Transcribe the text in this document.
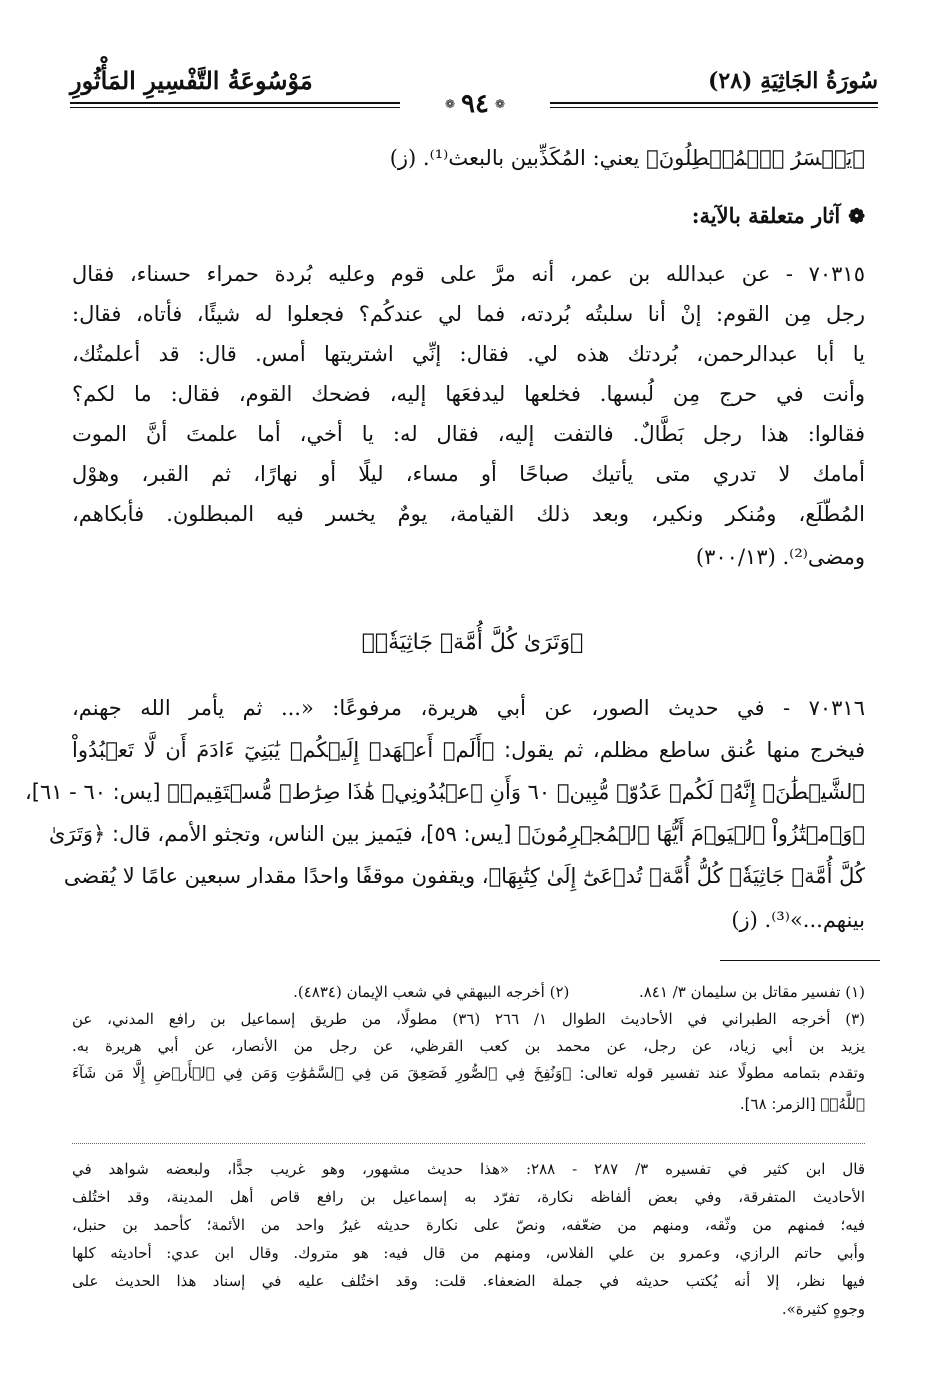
سُورَةُ الجَاثِيَةِ (٢٨)
مَوْسُوعَةُ التَّفْسِيرِ المَأْثُورِ
❁
٩٤
❁
﴿يَخۡسَرُ ٱلۡمُبۡطِلُونَ﴾ يعني: المُكَذِّبين بالبعث⁽¹⁾. (ز)
❁
آثار متعلقة بالآية:
٧٠٣١٥ - عن عبدالله بن عمر، أنه مرَّ على قوم وعليه بُردة حمراء حسناء، فقال
رجل مِن القوم: إنْ أنا سلبتُه بُردته، فما لي عندكُم؟ فجعلوا له شيئًا، فأتاه، فقال:
يا أبا عبدالرحمن، بُردتك هذه لي. فقال: إنِّي اشتريتها أمس. قال: قد أعلمتُك،
وأنت في حرج مِن لُبسها. فخلعها ليدفعَها إليه، فضحك القوم، فقال: ما لكم؟
فقالوا: هذا رجل بَطَّالٌ. فالتفت إليه، فقال له: يا أخي، أما علمتَ أنَّ الموت
أمامك لا تدري متى يأتيك صباحًا أو مساء، ليلًا أو نهارًا، ثم القبر، وهوْل
المُطّلَع، ومُنكر ونكير، وبعد ذلك القيامة، يومٌ يخسر فيه المبطلون. فأبكاهم،
ومضى⁽²⁾. (٣٠٠/١٣)
﴿وَتَرَىٰ كُلَّ أُمَّةٖ جَاثِيَةٗۚ﴾
٧٠٣١٦ - في حديث الصور، عن أبي هريرة، مرفوعًا: «... ثم يأمر الله جهنم،
فيخرج منها عُنق ساطع مظلم، ثم يقول: ﴿أَلَمۡ أَعۡهَدۡ إِلَيۡكُمۡ يَٰبَنِيٓ ءَادَمَ أَن لَّا تَعۡبُدُواْ
ٱلشَّيۡطَٰنَۖ إِنَّهُۥ لَكُمۡ عَدُوّٞ مُّبِينٞ ٦٠ وَأَنِ ٱعۡبُدُونِيۚ هَٰذَا صِرَٰطٞ مُّسۡتَقِيمٞ﴾ [يس: ٦٠ - ٦١]،
﴿وَٱمۡتَٰزُواْ ٱلۡيَوۡمَ أَيُّهَا ٱلۡمُجۡرِمُونَ﴾ [يس: ٥٩]، فيَميز بين الناس، وتجثو الأمم، قال: ﴿وَتَرَىٰ
كُلَّ أُمَّةٖ جَاثِيَةٗۚ كُلُّ أُمَّةٖ تُدۡعَىٰٓ إِلَىٰ كِتَٰبِهَا﴾، ويقفون موقفًا واحدًا مقدار سبعين عامًا لا يُقضى
بينهم...»⁽³⁾. (ز)
(١) تفسير مقاتل بن سليمان ٣/ ٨٤١.  (٢) أخرجه البيهقي في شعب الإيمان (٤٨٣٤).
(٣) أخرجه الطبراني في الأحاديث الطوال ١/ ٢٦٦ (٣٦) مطولًا، من طريق إسماعيل بن رافع المدني، عن
يزيد بن أبي زياد، عن رجل، عن محمد بن كعب القرظي، عن رجل من الأنصار، عن أبي هريرة به.
وتقدم بتمامه مطولًا عند تفسير قوله تعالى: ﴿وَنُفِخَ فِي ٱلصُّورِ فَصَعِقَ مَن فِي ٱلسَّمَٰوَٰتِ وَمَن فِي ٱلۡأَرۡضِ إِلَّا مَن شَآءَ
ٱللَّهُۖ﴾ [الزمر: ٦٨].
قال ابن كثير في تفسيره ٣/ ٢٨٧ - ٢٨٨: «هذا حديث مشهور، وهو غريب جدًّا، ولبعضه شواهد في
الأحاديث المتفرقة، وفي بعض ألفاظه نكارة، تفرّد به إسماعيل بن رافع قاص أهل المدينة، وقد اختُلف
فيه؛ فمنهم من وثّقه، ومنهم من ضعّفه، ونصّ على نكارة حديثه غيرُ واحد من الأئمة؛ كأحمد بن حنبل،
وأبي حاتم الرازي، وعمرو بن علي الفلاس، ومنهم من قال فيه: هو متروك. وقال ابن عدي: أحاديثه كلها
فيها نظر، إلا أنه يُكتب حديثه في جملة الضعفاء. قلت: وقد اختُلف عليه في إسناد هذا الحديث على
وجوهٍ كثيرة».
